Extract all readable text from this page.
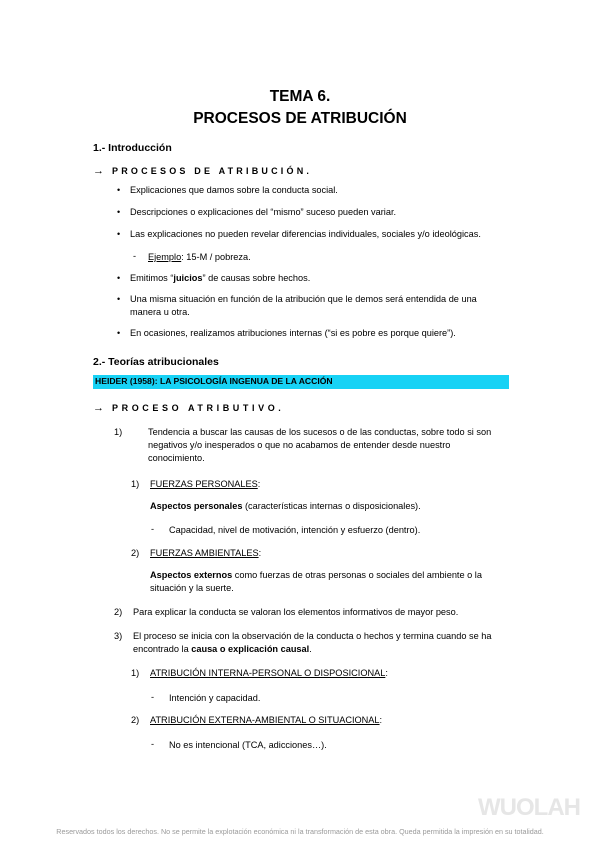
TEMA 6.
PROCESOS DE ATRIBUCIÓN
1.- Introducción
→ PROCESOS DE ATRIBUCIÓN.
• Explicaciones que damos sobre la conducta social.
• Descripciones o explicaciones del “mismo” suceso pueden variar.
• Las explicaciones no pueden revelar diferencias individuales, sociales y/o ideológicas.
- Ejemplo: 15-M / pobreza.
• Emitimos “juicios” de causas sobre hechos.
• Una misma situación en función de la atribución que le demos será entendida de una
manera u otra.
• En ocasiones, realizamos atribuciones internas (“si es pobre es porque quiere”).
2.- Teorías atribucionales
HEIDER (1958): LA PSICOLOGÍA INGENUA DE LA ACCIÓN
→ PROCESO ATRIBUTIVO.
1)	Tendencia a buscar las causas de los sucesos o de las conductas, sobre todo si son
negativos y/o inesperados o que no acabamos de entender desde nuestro
conocimiento.
1) FUERZAS PERSONALES:
Aspectos personales (características internas o disposicionales).
- Capacidad, nivel de motivación, intención y esfuerzo (dentro).
2) FUERZAS AMBIENTALES:
Aspectos externos como fuerzas de otras personas o sociales del ambiente o la
situación y la suerte.
2) Para explicar la conducta se valoran los elementos informativos de mayor peso.
3) El proceso se inicia con la observación de la conducta o hechos y termina cuando se ha
encontrado la causa o explicación causal.
1) ATRIBUCIÓN INTERNA-PERSONAL O DISPOSICIONAL:
- Intención y capacidad.
2) ATRIBUCIÓN EXTERNA-AMBIENTAL O SITUACIONAL:
- No es intencional (TCA, adicciones…).
WUOLAH
Reservados todos los derechos. No se permite la explotación económica ni la transformación de esta obra. Queda permitida la impresión en su totalidad.
